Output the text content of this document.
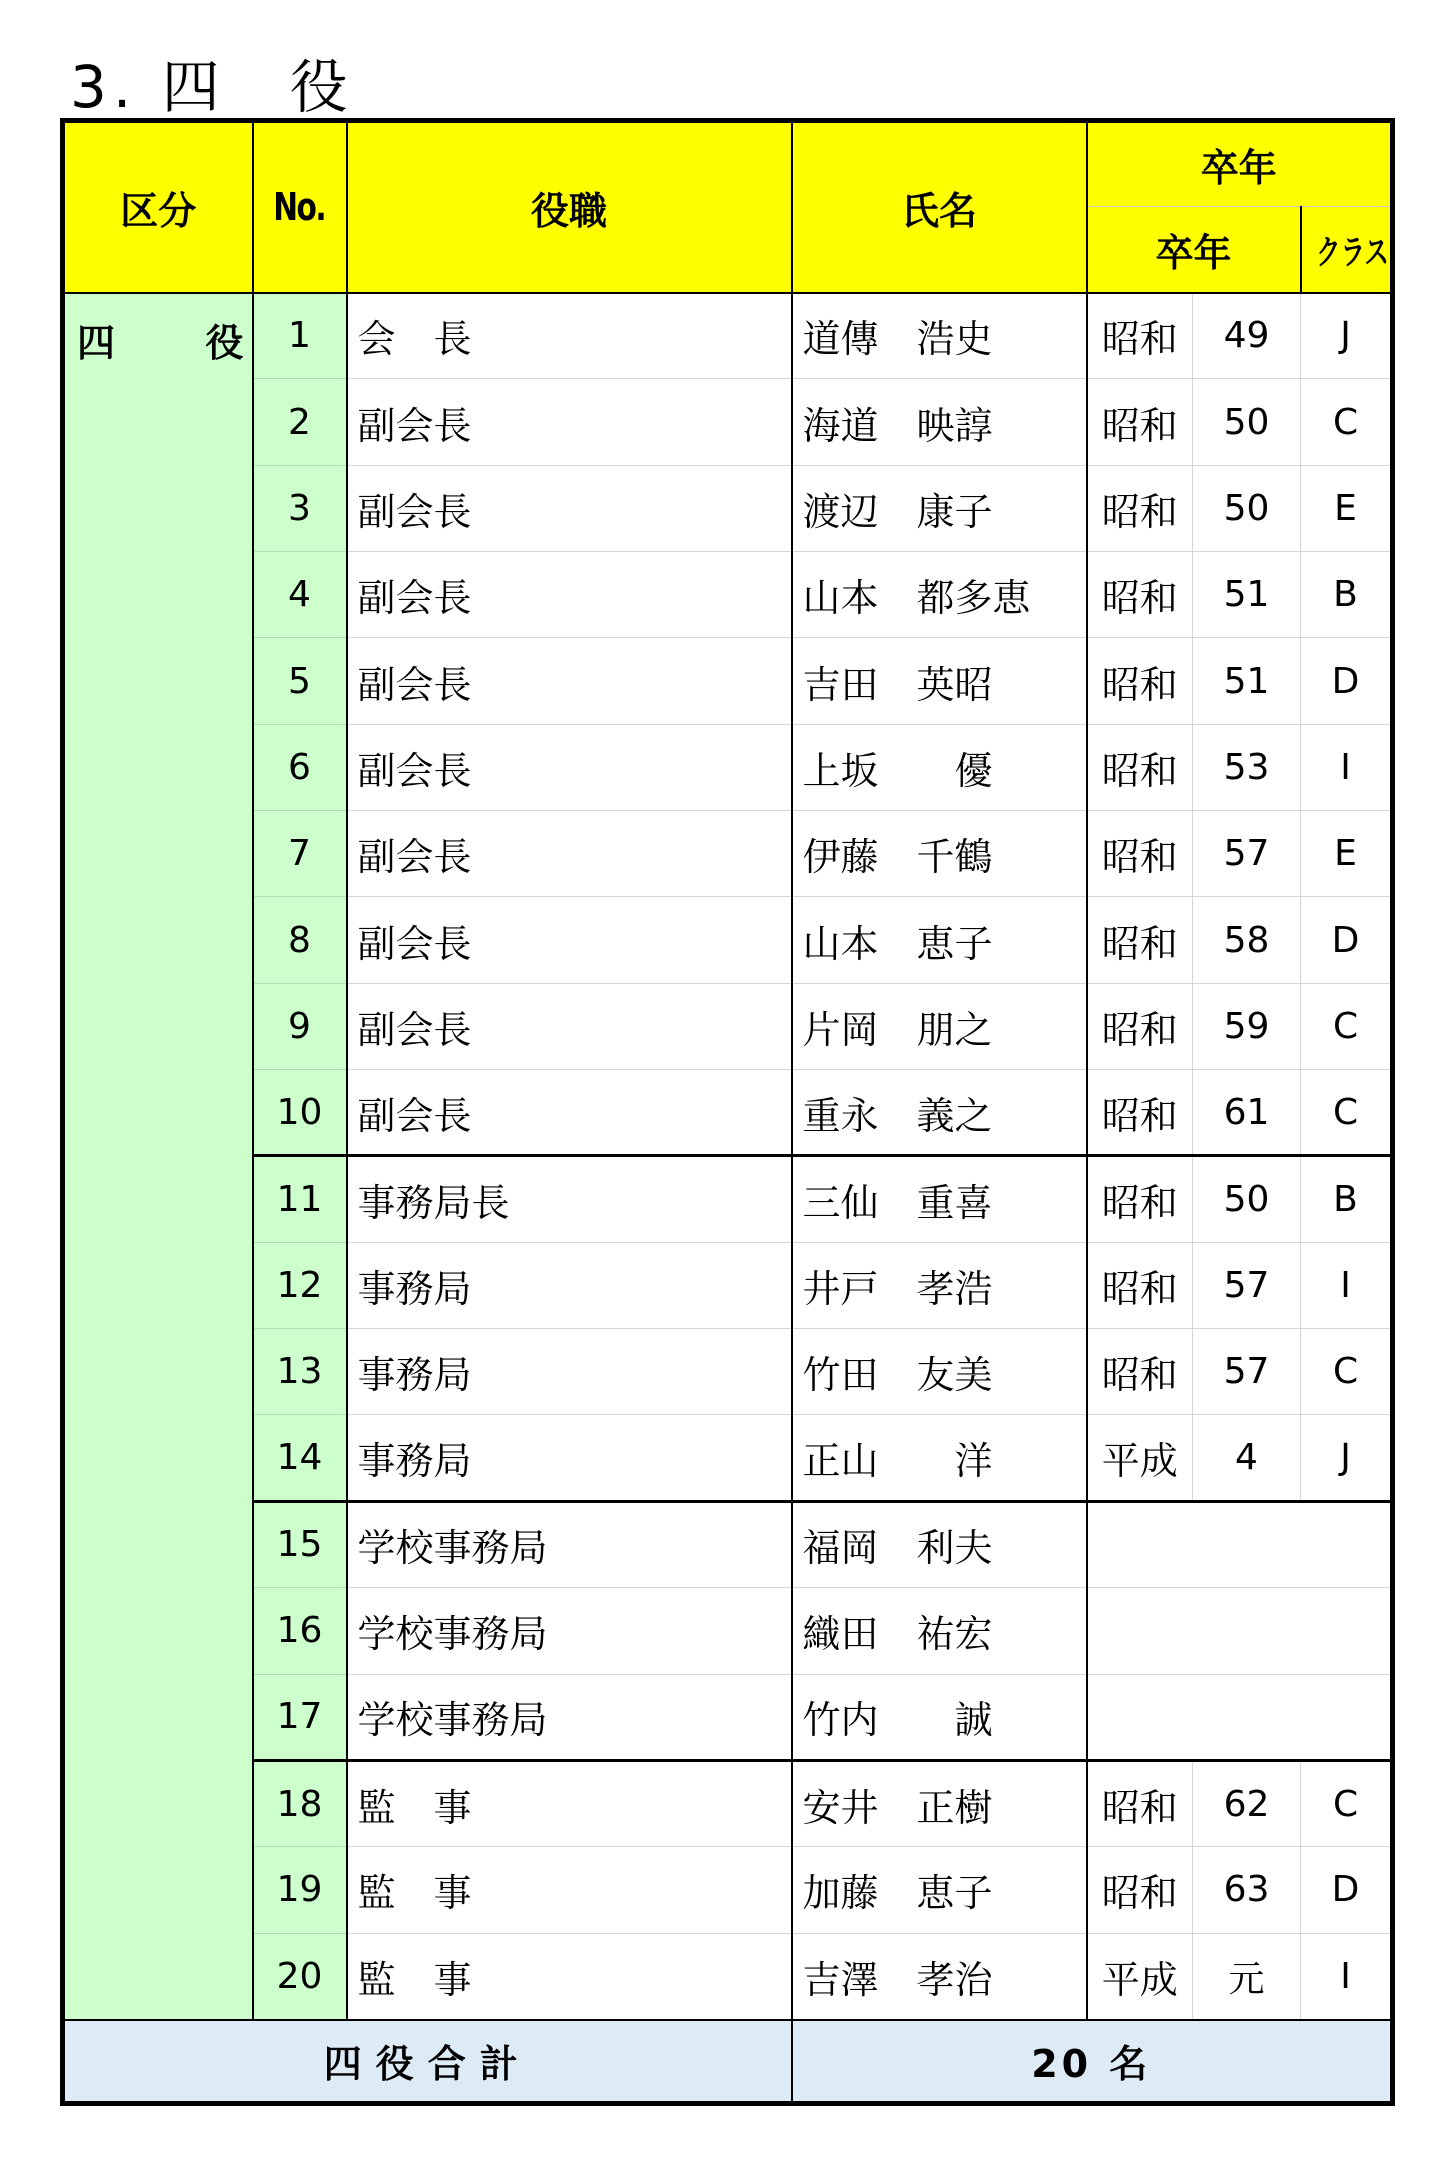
3. 四　役
区分	No.	役職	氏名	卒年		
				卒年		クラス

四 役	1	会　長	道傳　浩史	昭和	49	J
	2	副会長	海道　映諄	昭和	50	C
	3	副会長	渡辺　康子	昭和	50	E
	4	副会長	山本　都多恵	昭和	51	B
	5	副会長	吉田　英昭	昭和	51	D
	6	副会長	上坂　　優	昭和	53	I
	7	副会長	伊藤　千鶴	昭和	57	E
	8	副会長	山本　恵子	昭和	58	D
	9	副会長	片岡　朋之	昭和	59	C
	10	副会長	重永　義之	昭和	61	C
	11	事務局長	三仙　重喜	昭和	50	B
	12	事務局	井戸　孝浩	昭和	57	I
	13	事務局	竹田　友美	昭和	57	C
	14	事務局	正山　　洋	平成	4	J
	15	学校事務局	福岡　利夫			
	16	学校事務局	織田　祐宏			
	17	学校事務局	竹内　　誠			
	18	監　事	安井　正樹	昭和	62	C
	19	監　事	加藤　恵子	昭和	63	D
	20	監　事	吉澤　孝治	平成	元	I
四役合計			20 名			
